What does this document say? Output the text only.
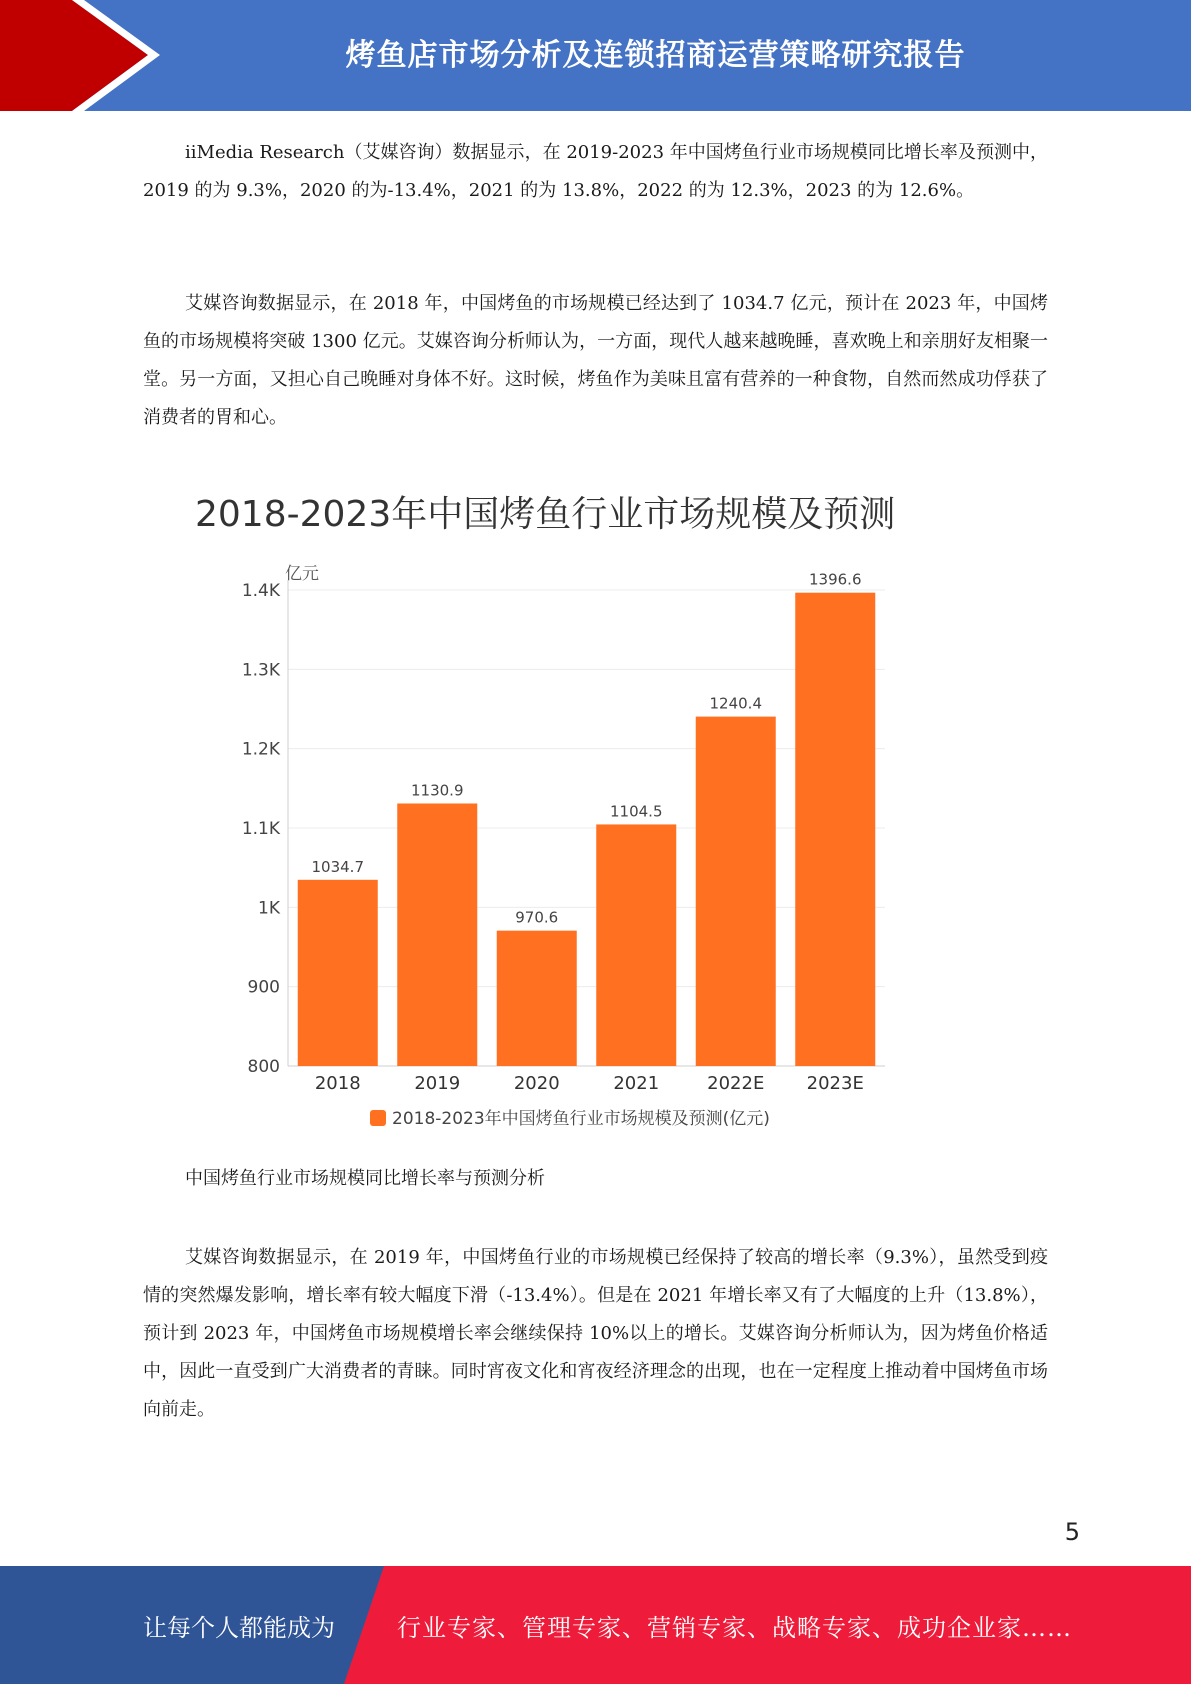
烤鱼店市场分析及连锁招商运营策略研究报告

iiMedia Research（艾媒咨询）数据显示，在 2019-2023 年中国烤鱼行业市场规模同比增长率及预测中，2019 的为 9.3%，2020 的为-13.4%，2021 的为 13.8%，2022 的为 12.3%，2023 的为 12.6%。

艾媒咨询数据显示，在 2018 年，中国烤鱼的市场规模已经达到了 1034.7 亿元，预计在 2023 年，中国烤鱼的市场规模将突破 1300 亿元。艾媒咨询分析师认为，一方面，现代人越来越晚睡，喜欢晚上和亲朋好友相聚一堂。另一方面，又担心自己晚睡对身体不好。这时候，烤鱼作为美味且富有营养的一种食物，自然而然成功俘获了消费者的胃和心。

2018-2023年中国烤鱼行业市场规模及预测
亿元
800
900
1K
1.1K
1.2K
1.3K
1.4K
1034.7
1130.9
970.6
1104.5
1240.4
1396.6
2018	2019	2020	2021	2022E 2023E
2018-2023年中国烤鱼行业市场规模及预测(亿元)
中国烤鱼行业市场规模同比增长率与预测分析

艾媒咨询数据显示，在 2019 年，中国烤鱼行业的市场规模已经保持了较高的增长率（9.3%），虽然受到疫情的突然爆发影响，增长率有较大幅度下滑（-13.4%）。但是在 2021 年增长率又有了大幅度的上升（13.8%），预计到 2023 年，中国烤鱼市场规模增长率会继续保持 10%以上的增长。艾媒咨询分析师认为，因为烤鱼价格适中，因此一直受到广大消费者的青睐。同时宵夜文化和宵夜经济理念的出现，也在一定程度上推动着中国烤鱼市场向前走。

5
让每个人都能成为	行业专家、管理专家、营销专家、战略专家、成功企业家……
